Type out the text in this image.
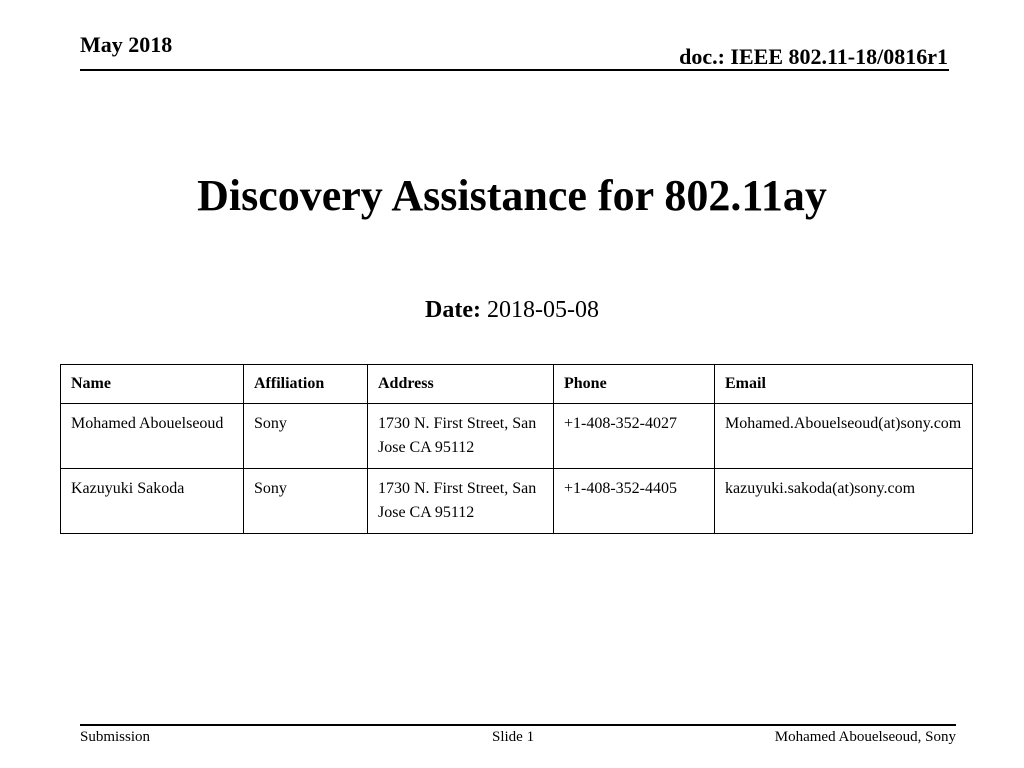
May 2018	doc.: IEEE 802.11-18/0816r1
Discovery Assistance for 802.11ay
Date: 2018-05-08
Name	Affiliation	Address	Phone	Email
Mohamed Abouelseoud	Sony	1730 N. First Street, San Jose CA 95112	+1-408-352-4027	Mohamed.Abouelseoud(at)sony.com
Kazuyuki Sakoda	Sony	1730 N. First Street, San Jose CA 95112	+1-408-352-4405	kazuyuki.sakoda(at)sony.com
Submission	Slide 1	Mohamed Abouelseoud, Sony
